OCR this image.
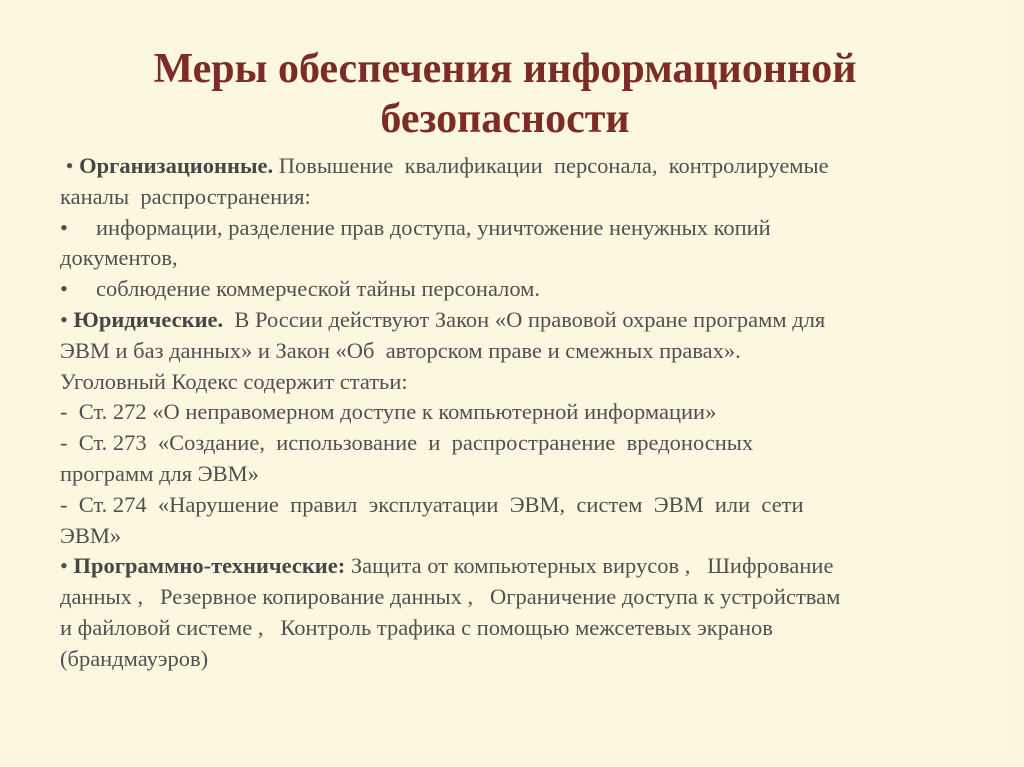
Меры обеспечения информационной
безопасности
• Организационные. Повышение  квалификации  персонала,  контролируемые
каналы  распространения:
•     информации, разделение прав доступа, уничтожение ненужных копий
документов,
•     соблюдение коммерческой тайны персоналом.
• Юридические.  В России действуют Закон «О правовой охране программ для
ЭВМ и баз данных» и Закон «Об  авторском праве и смежных правах».
Уголовный Кодекс содержит статьи:
-  Ст. 272 «О неправомерном доступе к компьютерной информации»
-  Ст. 273  «Создание,  использование  и  распространение  вредоносных
программ для ЭВМ»
-  Ст. 274  «Нарушение  правил  эксплуатации  ЭВМ,  систем  ЭВМ  или  сети
ЭВМ»
• Программно-технические: Защита от компьютерных вирусов ,   Шифрование
данных ,   Резервное копирование данных ,   Ограничение доступа к устройствам
и файловой системе ,   Контроль трафика с помощью межсетевых экранов
(брандмауэров)
